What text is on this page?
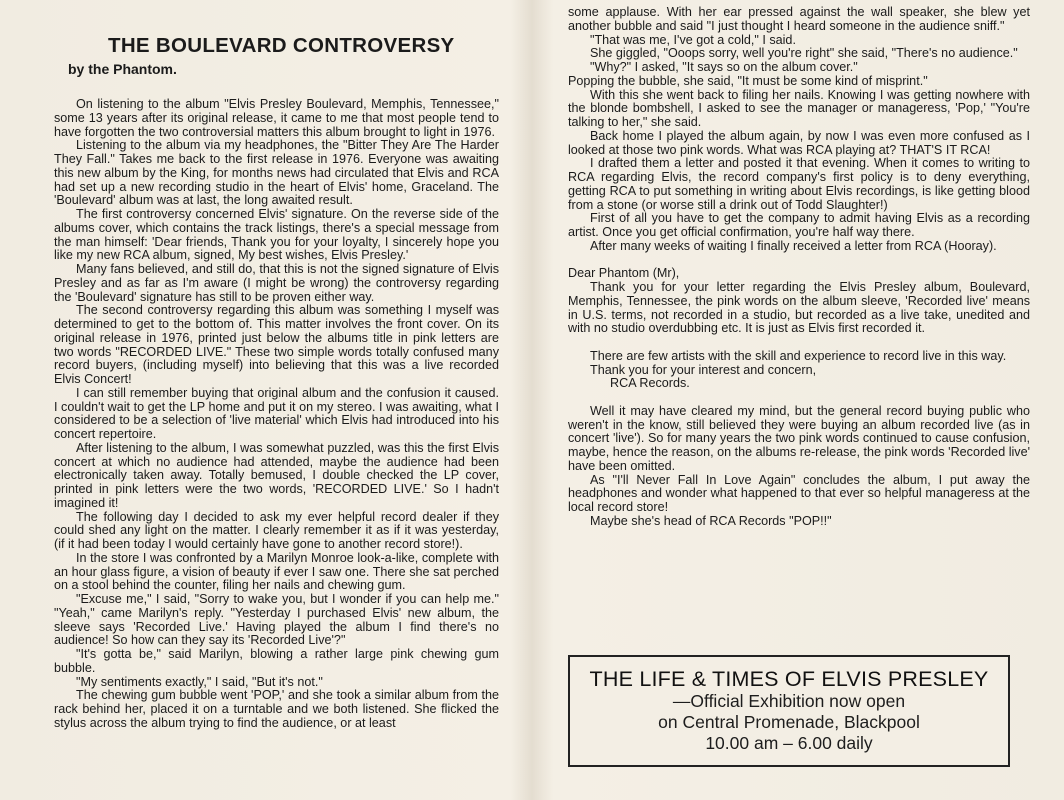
THE BOULEVARD CONTROVERSY
by the Phantom.

On listening to the album "Elvis Presley Boulevard, Memphis, Tennessee," some 13 years after its original release, it came to me that most people tend to have forgotten the two controversial matters this album brought to light in 1976.

Listening to the album via my headphones, the "Bitter They Are The Harder They Fall." Takes me back to the first release in 1976. Everyone was awaiting this new album by the King, for months news had circulated that Elvis and RCA had set up a new recording studio in the heart of Elvis' home, Graceland. The 'Boulevard' album was at last, the long awaited result.

The first controversy concerned Elvis' signature. On the reverse side of the albums cover, which contains the track listings, there's a special message from the man himself: 'Dear friends, Thank you for your loyalty, I sincerely hope you like my new RCA album, signed, My best wishes, Elvis Presley.'

Many fans believed, and still do, that this is not the signed signature of Elvis Presley and as far as I'm aware (I might be wrong) the controversy regarding the 'Boulevard' signature has still to be proven either way.

The second controversy regarding this album was something I myself was determined to get to the bottom of. This matter involves the front cover. On its original release in 1976, printed just below the albums title in pink letters are two words "RECORDED LIVE." These two simple words totally confused many record buyers, (including myself) into believing that this was a live recorded Elvis Concert!

I can still remember buying that original album and the confusion it caused. I couldn't wait to get the LP home and put it on my stereo. I was awaiting, what I considered to be a selection of 'live material' which Elvis had introduced into his concert repertoire.

After listening to the album, I was somewhat puzzled, was this the first Elvis concert at which no audience had attended, maybe the audience had been electronically taken away. Totally bemused, I double checked the LP cover, printed in pink letters were the two words, 'RECORDED LIVE.' So I hadn't imagined it!

The following day I decided to ask my ever helpful record dealer if they could shed any light on the matter. I clearly remember it as if it was yesterday, (if it had been today I would certainly have gone to another record store!).

In the store I was confronted by a Marilyn Monroe look-a-like, complete with an hour glass figure, a vision of beauty if ever I saw one. There she sat perched on a stool behind the counter, filing her nails and chewing gum.

"Excuse me," I said, "Sorry to wake you, but I wonder if you can help me." "Yeah," came Marilyn's reply. "Yesterday I purchased Elvis' new album, the sleeve says 'Recorded Live.' Having played the album I find there's no audience! So how can they say its 'Recorded Live'?"

"It's gotta be," said Marilyn, blowing a rather large pink chewing gum bubble.

"My sentiments exactly," I said, "But it's not."

The chewing gum bubble went 'POP,' and she took a similar album from the rack behind her, placed it on a turntable and we both listened. She flicked the stylus across the album trying to find the audience, or at least

some applause. With her ear pressed against the wall speaker, she blew yet another bubble and said "I just thought I heard someone in the audience sniff."

"That was me, I've got a cold," I said.

She giggled, "Ooops sorry, well you're right" she said, "There's no audience."

"Why?" I asked, "It says so on the album cover."

Popping the bubble, she said, "It must be some kind of misprint."

With this she went back to filing her nails. Knowing I was getting nowhere with the blonde bombshell, I asked to see the manager or manageress, 'Pop,' "You're talking to her," she said.

Back home I played the album again, by now I was even more confused as I looked at those two pink words. What was RCA playing at? THAT'S IT RCA!

I drafted them a letter and posted it that evening. When it comes to writing to RCA regarding Elvis, the record company's first policy is to deny everything, getting RCA to put something in writing about Elvis recordings, is like getting blood from a stone (or worse still a drink out of Todd Slaughter!)

First of all you have to get the company to admit having Elvis as a recording artist. Once you get official confirmation, you're half way there.

After many weeks of waiting I finally received a letter from RCA (Hooray).

Dear Phantom (Mr),

Thank you for your letter regarding the Elvis Presley album, Boulevard, Memphis, Tennessee, the pink words on the album sleeve, 'Recorded live' means in U.S. terms, not recorded in a studio, but recorded as a live take, unedited and with no studio overdubbing etc. It is just as Elvis first recorded it.

There are few artists with the skill and experience to record live in this way.

Thank you for your interest and concern,

RCA Records.

Well it may have cleared my mind, but the general record buying public who weren't in the know, still believed they were buying an album recorded live (as in concert 'live'). So for many years the two pink words continued to cause confusion, maybe, hence the reason, on the albums re-release, the pink words 'Recorded live' have been omitted.

As "I'll Never Fall In Love Again" concludes the album, I put away the headphones and wonder what happened to that ever so helpful manageress at the local record store!

Maybe she's head of RCA Records "POP!!"

THE LIFE & TIMES OF ELVIS PRESLEY
—Official Exhibition now open
on Central Promenade, Blackpool
10.00 am – 6.00 daily
